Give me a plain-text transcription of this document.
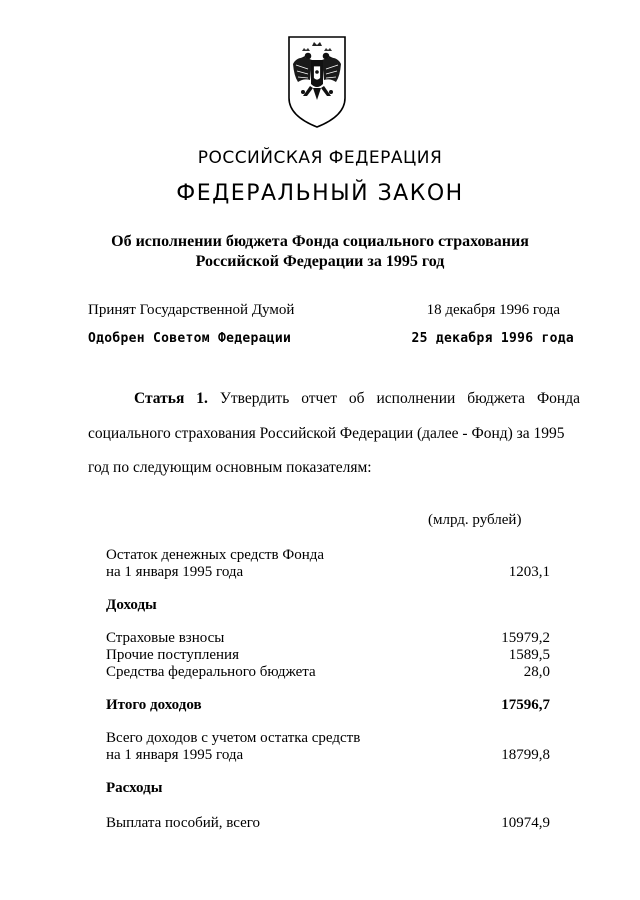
РОССИЙСКАЯ ФЕДЕРАЦИЯ
ФЕДЕРАЛЬНЫЙ ЗАКОН
Об исполнении бюджета Фонда социального страхования
Российской Федерации за 1995 год
Принят Государственной Думой	18 декабря 1996 года
Одобрен Советом Федерации	25 декабря 1996 года

Статья 1. Утвердить отчет об исполнении бюджета Фонда

социального страхования Российской Федерации (далее - Фонд) за 1995

год по следующим основным показателям:

(млрд. рублей)
Остаток денежных средств Фонда
на 1 января 1995 года	1203,1
Доходы
Страховые взносы	15979,2
Прочие поступления	1589,5
Средства федерального бюджета	28,0
Итого доходов	17596,7
Всего доходов с учетом остатка средств
на 1 января 1995 года	18799,8
Расходы
Выплата пособий, всего	10974,9
